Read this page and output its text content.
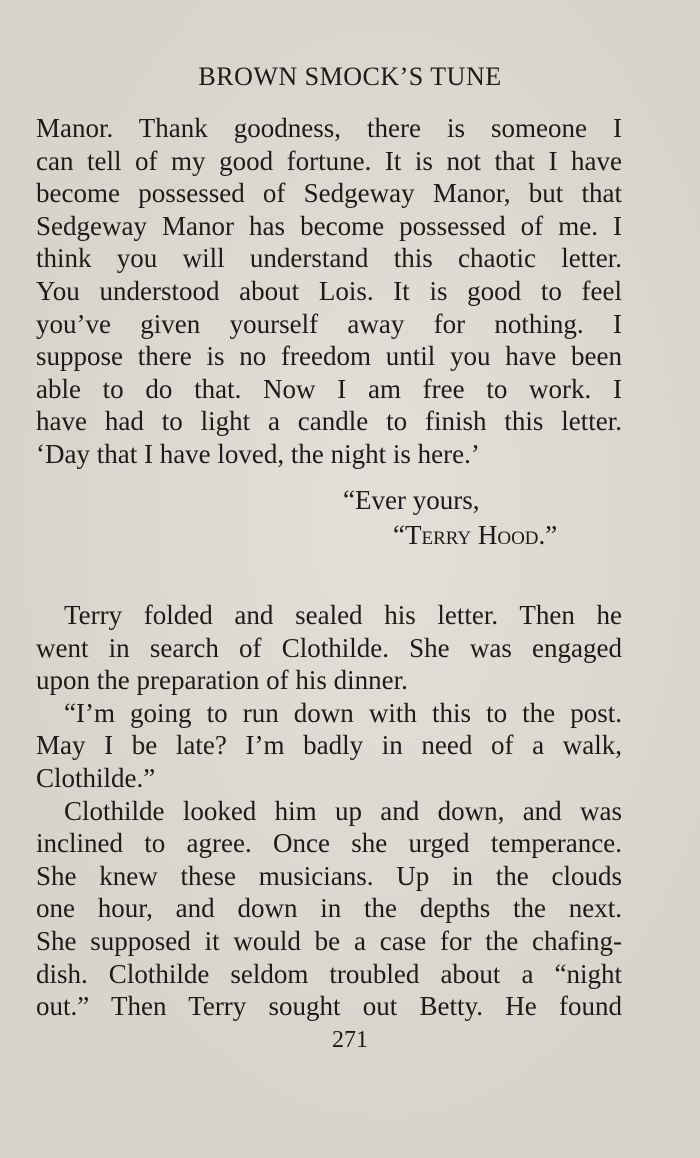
BROWN SMOCK’S TUNE
Manor. Thank goodness, there is someone I
can tell of my good fortune. It is not that I have
become possessed of Sedgeway Manor, but that
Sedgeway Manor has become possessed of me. I
think you will understand this chaotic letter.
You understood about Lois. It is good to feel
you’ve given yourself away for nothing. I
suppose there is no freedom until you have been
able to do that. Now I am free to work. I
have had to light a candle to finish this letter.
‘Day that I have loved, the night is here.’
“Ever yours,
“Terry Hood.”
Terry folded and sealed his letter. Then he
went in search of Clothilde. She was engaged
upon the preparation of his dinner.
“I’m going to run down with this to the post.
May I be late? I’m badly in need of a walk,
Clothilde.”
Clothilde looked him up and down, and was
inclined to agree. Once she urged temperance.
She knew these musicians. Up in the clouds
one hour, and down in the depths the next.
She supposed it would be a case for the chafing-
dish. Clothilde seldom troubled about a “night
out.” Then Terry sought out Betty. He found
271
